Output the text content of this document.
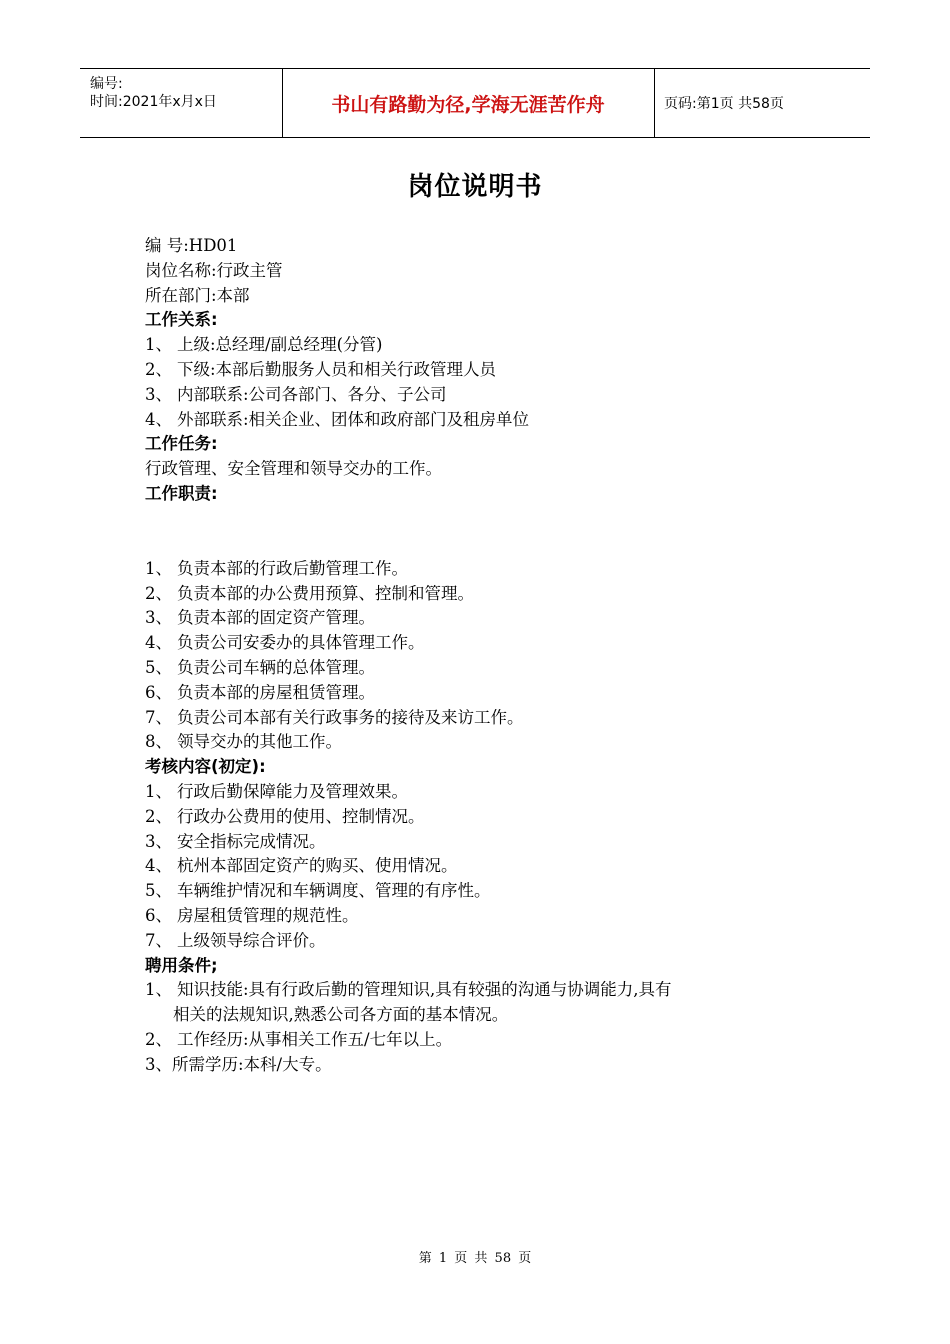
编号:
时间:2021年x月x日	书山有路勤为径,学海无涯苦作舟	页码:第1页 共58页
岗位说明书
编 号:HD01
岗位名称:行政主管
所在部门:本部
工作关系:
1、 上级:总经理/副总经理(分管)
2、 下级:本部后勤服务人员和相关行政管理人员
3、 内部联系:公司各部门、各分、子公司
4、 外部联系:相关企业、团体和政府部门及租房单位
工作任务:
行政管理、安全管理和领导交办的工作。
工作职责:
1、 负责本部的行政后勤管理工作。
2、 负责本部的办公费用预算、控制和管理。
3、 负责本部的固定资产管理。
4、 负责公司安委办的具体管理工作。
5、 负责公司车辆的总体管理。
6、 负责本部的房屋租赁管理。
7、 负责公司本部有关行政事务的接待及来访工作。
8、 领导交办的其他工作。
考核内容(初定):
1、 行政后勤保障能力及管理效果。
2、 行政办公费用的使用、控制情况。
3、 安全指标完成情况。
4、 杭州本部固定资产的购买、使用情况。
5、 车辆维护情况和车辆调度、管理的有序性。
6、 房屋租赁管理的规范性。
7、 上级领导综合评价。
聘用条件;
1、 知识技能:具有行政后勤的管理知识,具有较强的沟通与协调能力,具有
相关的法规知识,熟悉公司各方面的基本情况。
2、 工作经历:从事相关工作五/七年以上。
3、所需学历:本科/大专。
第 1 页 共 58 页
